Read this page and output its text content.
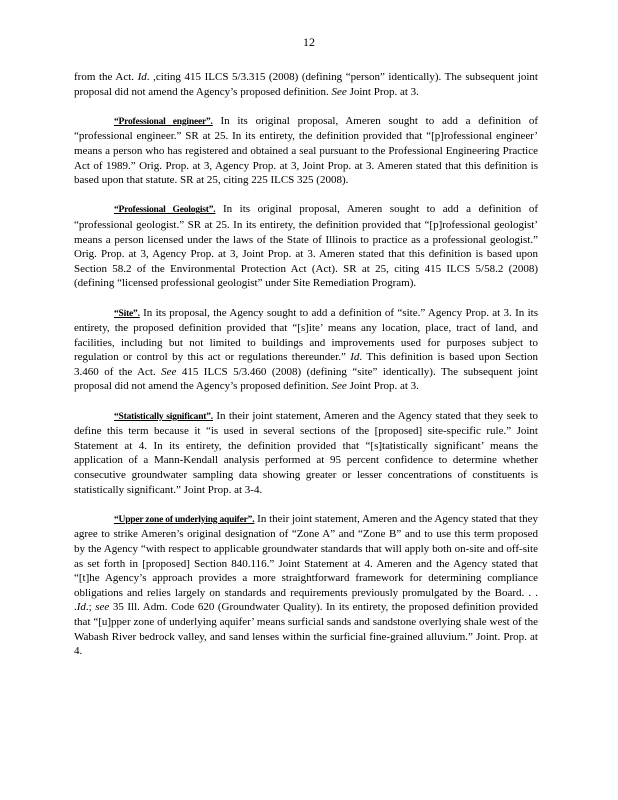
12

from the Act. Id. ,citing 415 ILCS 5/3.315 (2008) (defining “person” identically). The subsequent joint proposal did not amend the Agency’s proposed definition. See Joint Prop. at 3.

“Professional engineer”. In its original proposal, Ameren sought to add a definition of “professional engineer.” SR at 25. In its entirety, the definition provided that “[p]rofessional engineer’ means a person who has registered and obtained a seal pursuant to the Professional Engineering Practice Act of 1989.” Orig. Prop. at 3, Agency Prop. at 3, Joint Prop. at 3. Ameren stated that this definition is based upon that statute. SR at 25, citing 225 ILCS 325 (2008).

“Professional Geologist”. In its original proposal, Ameren sought to add a definition of “professional geologist.” SR at 25. In its entirety, the definition provided that “[p]rofessional geologist’ means a person licensed under the laws of the State of Illinois to practice as a professional geologist.” Orig. Prop. at 3, Agency Prop. at 3, Joint Prop. at 3. Ameren stated that this definition is based upon Section 58.2 of the Environmental Protection Act (Act). SR at 25, citing 415 ILCS 5/58.2 (2008) (defining “licensed professional geologist” under Site Remediation Program).

“Site”. In its proposal, the Agency sought to add a definition of “site.” Agency Prop. at 3. In its entirety, the proposed definition provided that “[s]ite’ means any location, place, tract of land, and facilities, including but not limited to buildings and improvements used for purposes subject to regulation or control by this act or regulations thereunder.” Id. This definition is based upon Section 3.460 of the Act. See 415 ILCS 5/3.460 (2008) (defining “site” identically). The subsequent joint proposal did not amend the Agency’s proposed definition. See Joint Prop. at 3.

“Statistically significant”. In their joint statement, Ameren and the Agency stated that they seek to define this term because it “is used in several sections of the [proposed] site-specific rule.” Joint Statement at 4. In its entirety, the definition provided that “[s]tatistically significant’ means the application of a Mann-Kendall analysis performed at 95 percent confidence to determine whether consecutive groundwater sampling data showing greater or lesser concentrations of constituents is statistically significant.” Joint Prop. at 3-4.

“Upper zone of underlying aquifer”. In their joint statement, Ameren and the Agency stated that they agree to strike Ameren’s original designation of “Zone A” and “Zone B” and to use this term proposed by the Agency “with respect to applicable groundwater standards that will apply both on-site and off-site as set forth in [proposed] Section 840.116.” Joint Statement at 4. Ameren and the Agency stated that “[t]he Agency’s approach provides a more straightforward framework for determining compliance obligations and relies largely on standards and requirements previously promulgated by the Board. . . .Id.; see 35 Ill. Adm. Code 620 (Groundwater Quality). In its entirety, the proposed definition provided that “[u]pper zone of underlying aquifer’ means surficial sands and sandstone overlying shale west of the Wabash River bedrock valley, and sand lenses within the surficial fine-grained alluvium.” Joint. Prop. at 4.
